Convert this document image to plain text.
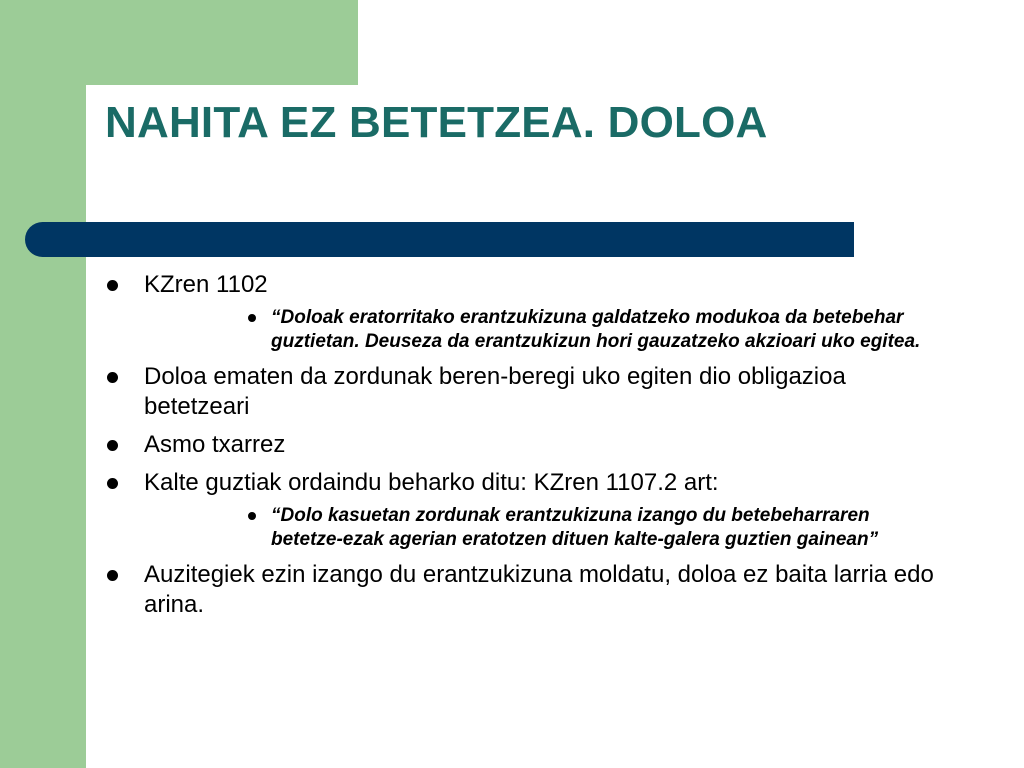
NAHITA EZ BETETZEA. DOLOA
KZren 1102
“Doloak eratorritako erantzukizuna galdatzeko modukoa da betebehar guztietan. Deuseza da erantzukizun hori gauzatzeko akzioari uko egitea.
Doloa ematen da zordunak beren-beregi uko egiten dio obligazioa betetzeari
Asmo txarrez
Kalte guztiak ordaindu beharko ditu: KZren 1107.2 art:
“Dolo kasuetan zordunak erantzukizuna izango du betebeharraren betetze-ezak agerian eratotzen dituen kalte-galera guztien gainean”
Auzitegiek ezin izango du erantzukizuna moldatu, doloa ez baita larria edo arina.
